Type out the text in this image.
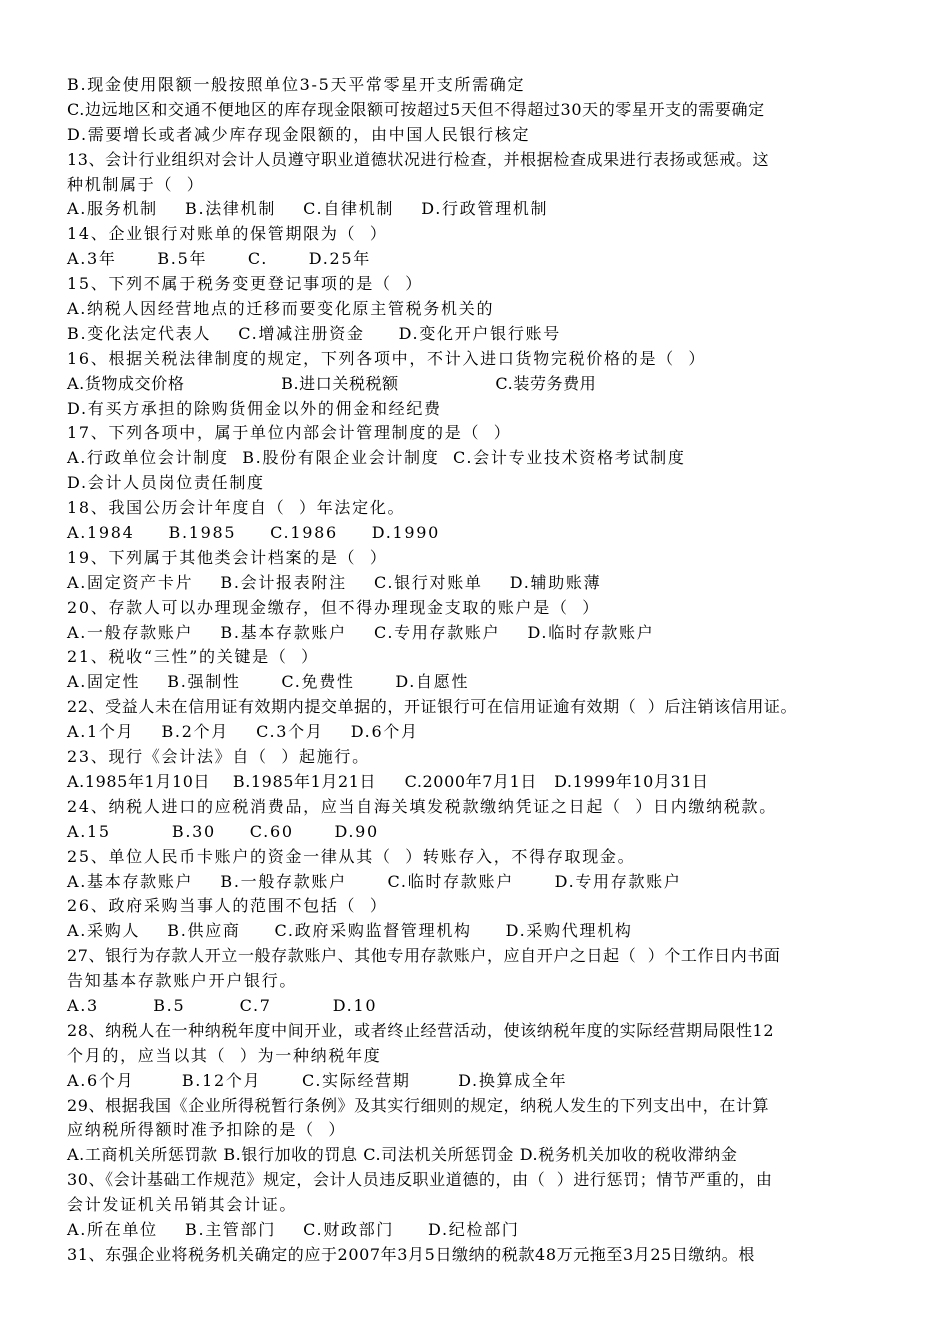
B.现金使用限额一般按照单位3-5天平常零星开支所需确定
C.边远地区和交通不便地区的库存现金限额可按超过5天但不得超过30天的零星开支的需要确定
D.需要增长或者减少库存现金限额的，由中国人民银行核定
13、会计行业组织对会计人员遵守职业道德状况进行检查，并根据检查成果进行表扬或惩戒。这
种机制属于（  ）
A.服务机制    B.法律机制    C.自律机制    D.行政管理机制
14、企业银行对账单的保管期限为（  ）
A.3年      B.5年      C.      D.25年
15、下列不属于税务变更登记事项的是（  ）
A.纳税人因经营地点的迁移而要变化原主管税务机关的
B.变化法定代表人    C.增减注册资金     D.变化开户银行账号
16、根据关税法律制度的规定，下列各项中，不计入进口货物完税价格的是（  ）
A.货物成交价格                 B.进口关税税额                 C.装劳务费用
D.有买方承担的除购货佣金以外的佣金和经纪费
17、下列各项中，属于单位内部会计管理制度的是（  ）
A.行政单位会计制度  B.股份有限企业会计制度  C.会计专业技术资格考试制度
D.会计人员岗位责任制度
18、我国公历会计年度自（  ）年法定化。
A.1984     B.1985     C.1986     D.1990
19、下列属于其他类会计档案的是（  ）
A.固定资产卡片    B.会计报表附注    C.银行对账单    D.辅助账薄
20、存款人可以办理现金缴存，但不得办理现金支取的账户是（  ）
A.一般存款账户    B.基本存款账户    C.专用存款账户    D.临时存款账户
21、税收“三性”的关键是（  ）
A.固定性    B.强制性      C.免费性      D.自愿性
22、受益人未在信用证有效期内提交单据的，开证银行可在信用证逾有效期（  ）后注销该信用证。
A.1个月    B.2个月    C.3个月    D.6个月
23、现行《会计法》自（  ）起施行。
A.1985年1月10日    B.1985年1月21日     C.2000年7月1日   D.1999年10月31日
24、纳税人进口的应税消费品，应当自海关填发税款缴纳凭证之日起（  ）日内缴纳税款。
A.15         B.30     C.60      D.90
25、单位人民币卡账户的资金一律从其（  ）转账存入，不得存取现金。
A.基本存款账户    B.一般存款账户      C.临时存款账户      D.专用存款账户
26、政府采购当事人的范围不包括（  ）
A.采购人    B.供应商     C.政府采购监督管理机构     D.采购代理机构
27、银行为存款人开立一般存款账户、其他专用存款账户，应自开户之日起（  ）个工作日内书面
告知基本存款账户开户银行。
A.3        B.5        C.7         D.10
28、纳税人在一种纳税年度中间开业，或者终止经营活动，使该纳税年度的实际经营期局限性12
个月的，应当以其（  ）为一种纳税年度
A.6个月       B.12个月      C.实际经营期       D.换算成全年
29、根据我国《企业所得税暂行条例》及其实行细则的规定，纳税人发生的下列支出中，在计算
应纳税所得额时准予扣除的是（  ）
A.工商机关所惩罚款 B.银行加收的罚息 C.司法机关所惩罚金 D.税务机关加收的税收滞纳金
30、《会计基础工作规范》规定，会计人员违反职业道德的，由（  ）进行惩罚；情节严重的，由
会计发证机关吊销其会计证。
A.所在单位    B.主管部门    C.财政部门     D.纪检部门
31、东强企业将税务机关确定的应于2007年3月5日缴纳的税款48万元拖至3月25日缴纳。根
